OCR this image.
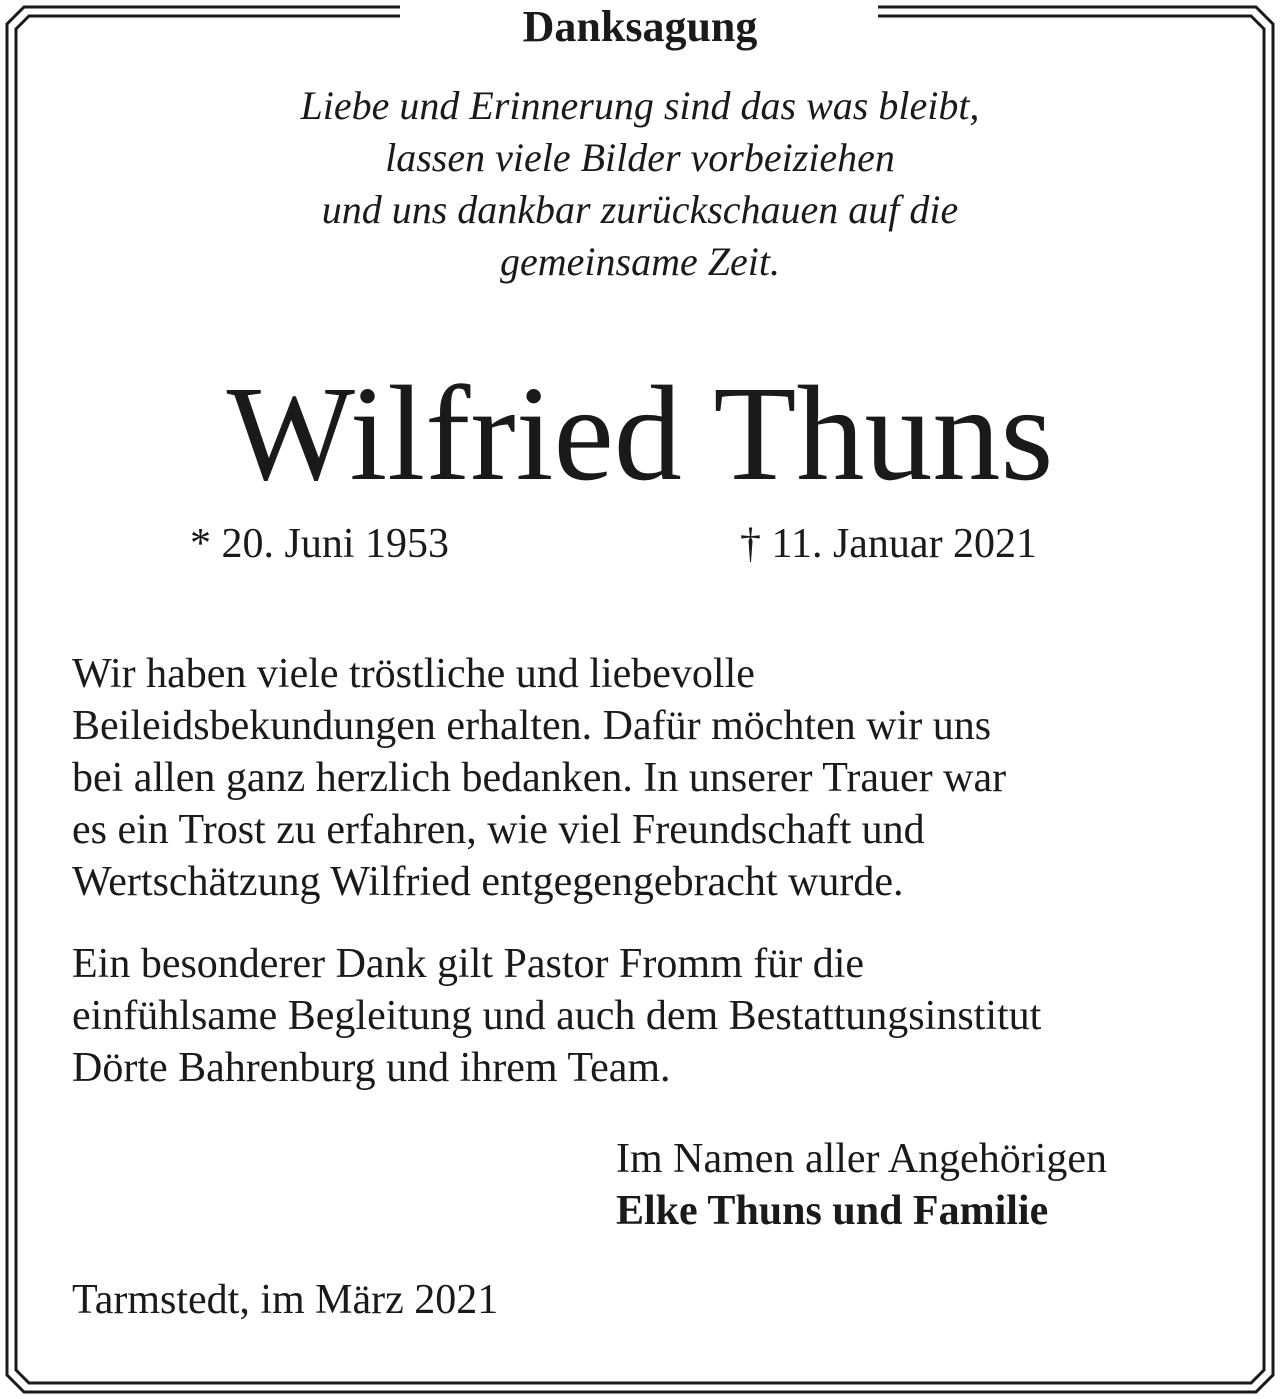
Danksagung
Liebe und Erinnerung sind das was bleibt,
lassen viele Bilder vorbeiziehen
und uns dankbar zurückschauen auf die
gemeinsame Zeit.
Wilfried Thuns
* 20. Juni 1953	† 11. Januar 2021
Wir haben viele tröstliche und liebevolle
Beileidsbekundungen erhalten. Dafür möchten wir uns
bei allen ganz herzlich bedanken. In unserer Trauer war
es ein Trost zu erfahren, wie viel Freundschaft und
Wertschätzung Wilfried entgegengebracht wurde.
Ein besonderer Dank gilt Pastor Fromm für die
einfühlsame Begleitung und auch dem Bestattungsinstitut
Dörte Bahrenburg und ihrem Team.
Im Namen aller Angehörigen
Elke Thuns und Familie
Tarmstedt, im März 2021
